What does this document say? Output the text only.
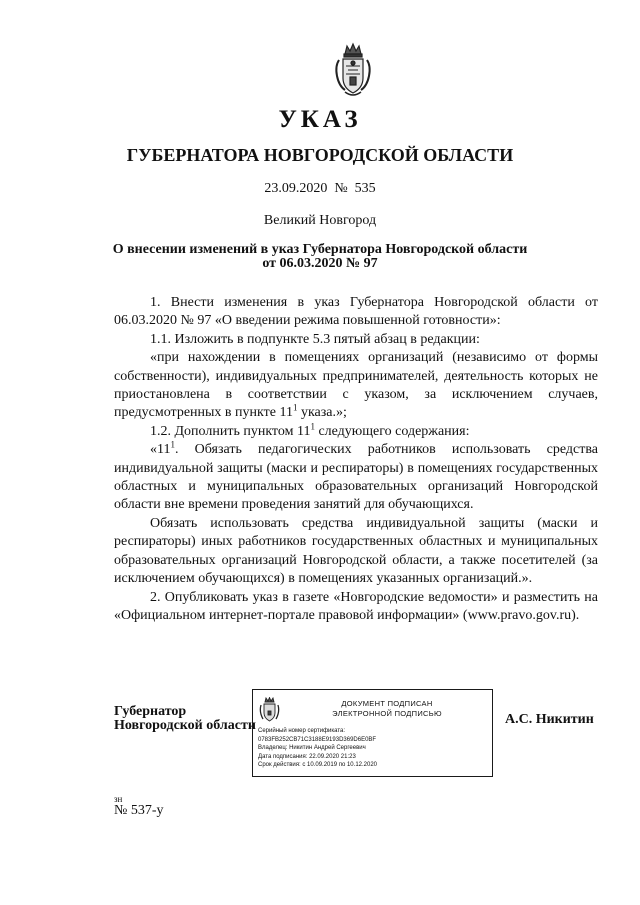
УКАЗ
ГУБЕРНАТОРА НОВГОРОДСКОЙ ОБЛАСТИ
23.09.2020 № 535
Великий Новгород
О внесении изменений в указ Губернатора Новгородской области
от 06.03.2020 № 97

1. Внести изменения в указ Губернатора Новгородской области от 06.03.2020 № 97 «О введении режима повышенной готовности»:

1.1. Изложить в подпункте 5.3 пятый абзац в редакции:

«при нахождении в помещениях организаций (независимо от формы собственности), индивидуальных предпринимателей, деятельность которых не приостановлена в соответствии с указом, за исключением случаев, предусмотренных в пункте $11^1$ указа.»;

1.2. Дополнить пунктом $11^1$ следующего содержания:

«$11^1$. Обязать педагогических работников использовать средства индивидуальной защиты (маски и респираторы) в помещениях государственных областных и муниципальных образовательных организаций Новгородской области вне времени проведения занятий для обучающихся.

Обязать использовать средства индивидуальной защиты (маски и респираторы) иных работников государственных областных и муниципальных образовательных организаций Новгородской области, а также посетителей (за исключением обучающихся) в помещениях указанных организаций.».

2. Опубликовать указ в газете «Новгородские ведомости» и разместить на «Официальном интернет-портале правовой информации» (www.pravo.gov.ru).

Губернатор
Новгородской области
ДОКУМЕНТ ПОДПИСАН
ЭЛЕКТРОННОЙ ПОДПИСЬЮ
Серийный номер сертификата:
0783FB252CB71C3188E9193D369D6E0BF
Владелец: Никитин Андрей Сергеевич
Дата подписания: 22.09.2020 21:23
Срок действия: с 10.09.2019 по 10.12.2020
А.С. Никитин
зн
№ 537-у
